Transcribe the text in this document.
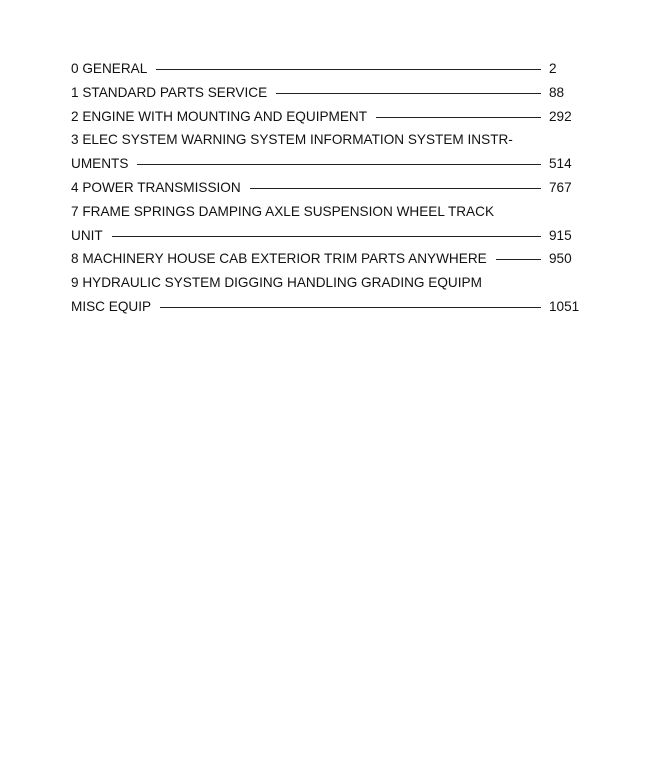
0 GENERAL	2
1 STANDARD PARTS SERVICE	88
2 ENGINE WITH MOUNTING AND EQUIPMENT	292
3 ELEC SYSTEM WARNING SYSTEM INFORMATION SYSTEM INSTR-
UMENTS	514
4 POWER TRANSMISSION	767
7 FRAME SPRINGS DAMPING AXLE SUSPENSION WHEEL TRACK
UNIT	915
8 MACHINERY HOUSE CAB EXTERIOR TRIM PARTS ANYWHERE	950
9 HYDRAULIC SYSTEM DIGGING HANDLING GRADING EQUIPM
MISC EQUIP	1051
